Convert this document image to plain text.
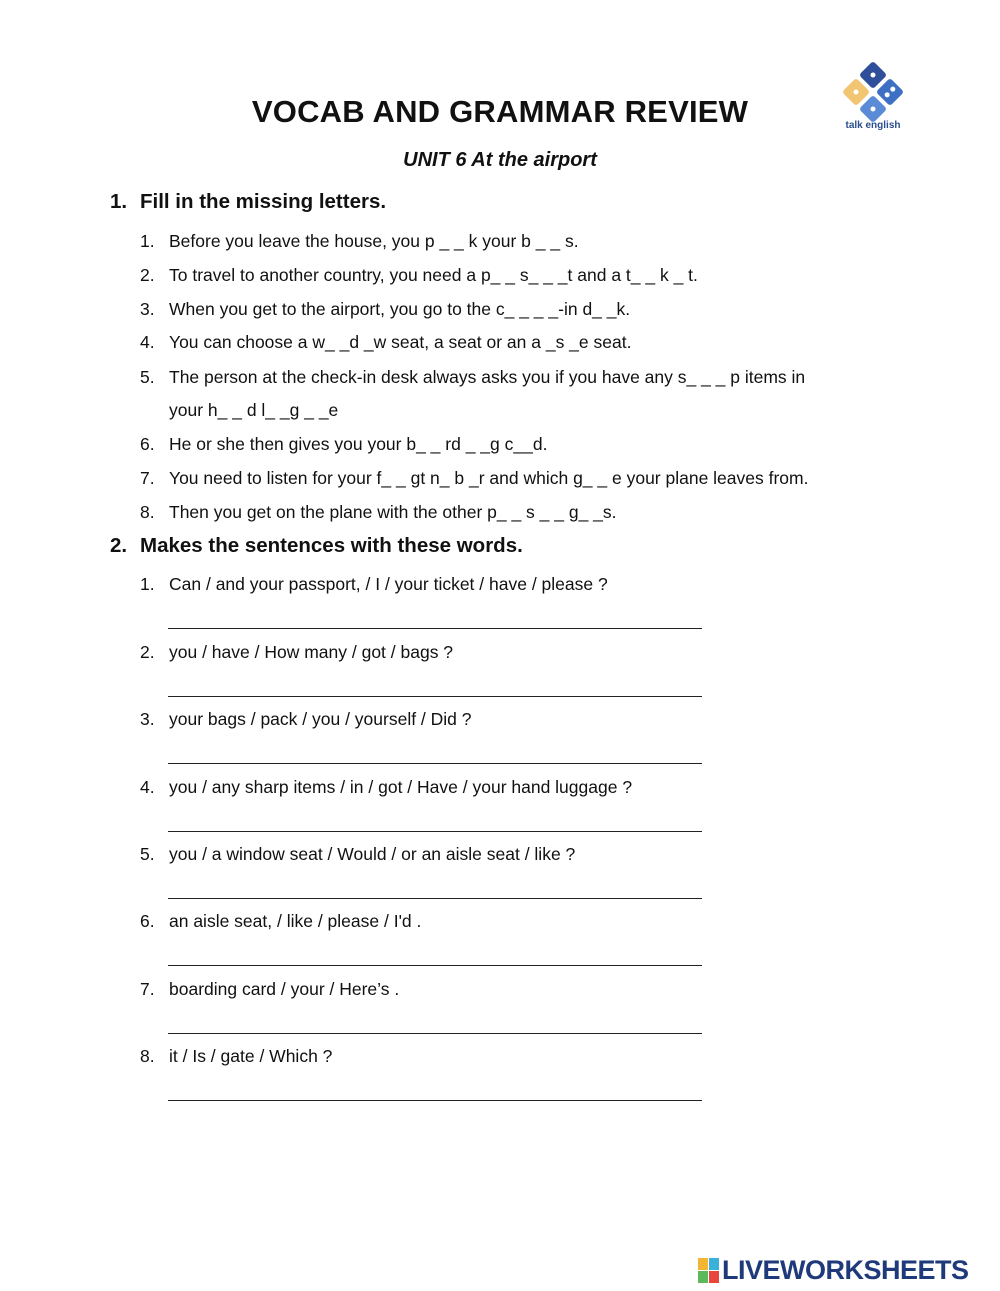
VOCAB AND GRAMMAR REVIEW
UNIT 6 At the airport
talk english
1. Fill in the missing letters.
1. Before you leave the house, you p _ _ k your b _ _ s.
2. To travel to another country, you need a p_ _ s_ _ _t and a t_ _ k _ t.
3. When you get to the airport, you go to the c_ _ _ _-in d_ _k.
4. You can choose a w_ _d _w seat, a seat or an a _s _e seat.
5. The person at the check-in desk always asks you if you have any s_ _ _ p items in
your h_ _ d l_ _g _ _e
6. He or she then gives you your b_ _ rd _ _g c__d.
7. You need to listen for your f_ _ gt n_ b _r and which g_ _ e your plane leaves from.
8. Then you get on the plane with the other p_ _ s _ _ g_ _s.
2. Makes the sentences with these words.
1. Can / and your passport, / I / your ticket / have / please ?
2. you / have / How many / got / bags ?
3. your bags / pack / you / yourself / Did ?
4. you / any sharp items / in / got / Have / your hand luggage ?
5. you / a window seat / Would / or an aisle seat / like ?
6. an aisle seat, / like / please / I'd .
7. boarding card / your / Here’s .
8. it / Is / gate / Which ?
LIVEWORKSHEETS
